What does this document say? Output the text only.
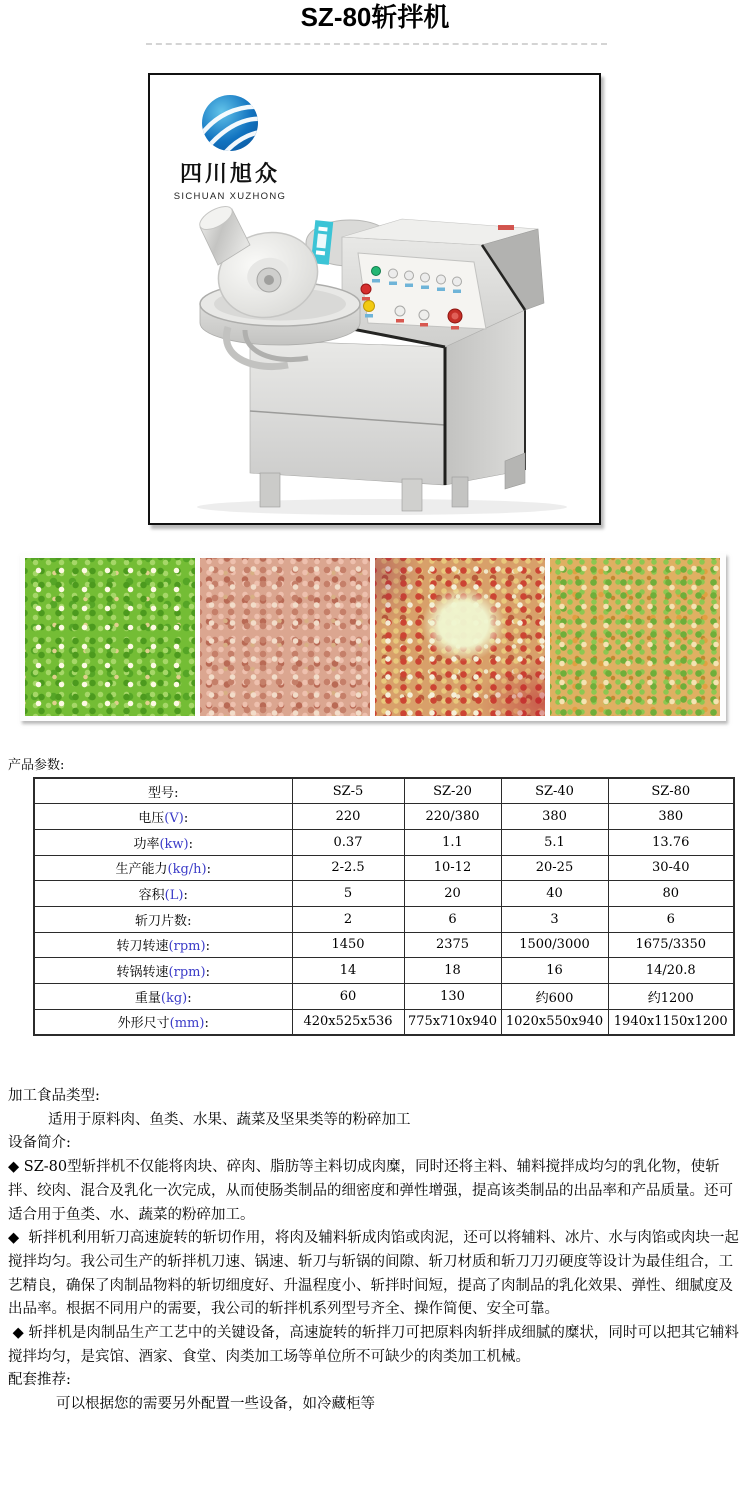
SZ-80斩拌机
四川旭众
SICHUAN XUZHONG
产品参数:
型号:	SZ-5	SZ-20	SZ-40	SZ-80
电压(V):	220	220/380	380	380
功率(kw):	0.37	1.1	5.1	13.76
生产能力(kg/h):	2-2.5	10-12	20-25	30-40
容积(L):	5	20	40	80
斩刀片数:	2	6	3	6
转刀转速(rpm):	1450	2375	1500/3000	1675/3350
转锅转速(rpm):	14	18	16	14/20.8
重量(kg):	60	130	约600	约1200
外形尺寸(mm):	420x525x536	775x710x940	1020x550x940	1940x1150x1200

加工食品类型:

适用于原料肉、鱼类、水果、蔬菜及坚果类等的粉碎加工

设备简介:

◆ SZ-80型斩拌机不仅能将肉块、碎肉、脂肪等主料切成肉糜，同时还将主料、辅料搅拌成均匀的乳化物，使斩拌、绞肉、混合及乳化一次完成，从而使肠类制品的细密度和弹性增强，提高该类制品的出品率和产品质量。还可适合用于鱼类、水、蔬菜的粉碎加工。

◆  斩拌机利用斩刀高速旋转的斩切作用，将肉及辅料斩成肉馅或肉泥，还可以将辅料、冰片、水与肉馅或肉块一起搅拌均匀。我公司生产的斩拌机刀速、锅速、斩刀与斩锅的间隙、斩刀材质和斩刀刀刃硬度等设计为最佳组合，工艺精良，确保了肉制品物料的斩切细度好、升温程度小、斩拌时间短，提高了肉制品的乳化效果、弹性、细腻度及出品率。根据不同用户的需要，我公司的斩拌机系列型号齐全、操作简便、安全可靠。

◆ 斩拌机是肉制品生产工艺中的关键设备，高速旋转的斩拌刀可把原料肉斩拌成细腻的糜状，同时可以把其它辅料搅拌均匀，是宾馆、酒家、食堂、肉类加工场等单位所不可缺少的肉类加工机械。

配套推荐:

可以根据您的需要另外配置一些设备，如冷藏柜等
